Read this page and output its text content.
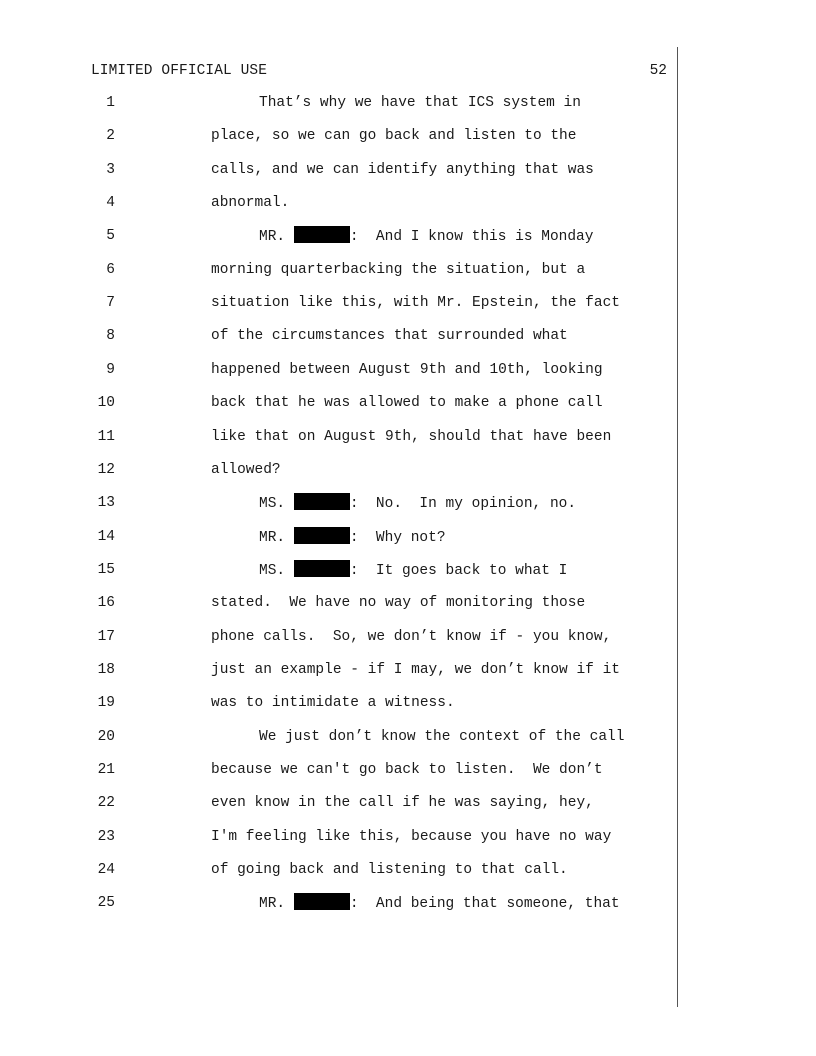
LIMITED OFFICIAL USE	52
1	That’s why we have that ICS system in
2	place, so we can go back and listen to the
3	calls, and we can identify anything that was
4	abnormal.
5	MR.	:  And I know this is Monday
6	morning quarterbacking the situation, but a
7	situation like this, with Mr. Epstein, the fact
8	of the circumstances that surrounded what
9	happened between August 9th and 10th, looking
10	back that he was allowed to make a phone call
11	like that on August 9th, should that have been
12	allowed?
13	MS.	:  No.  In my opinion, no.
14	MR.	:  Why not?
15	MS.	:  It goes back to what I
16	stated.  We have no way of monitoring those
17	phone calls.  So, we don’t know if - you know,
18	just an example - if I may, we don’t know if it
19	was to intimidate a witness.
20	We just don’t know the context of the call
21	because we can't go back to listen.  We don’t
22	even know in the call if he was saying, hey,
23	I'm feeling like this, because you have no way
24	of going back and listening to that call.
25	MR.	:  And being that someone, that
